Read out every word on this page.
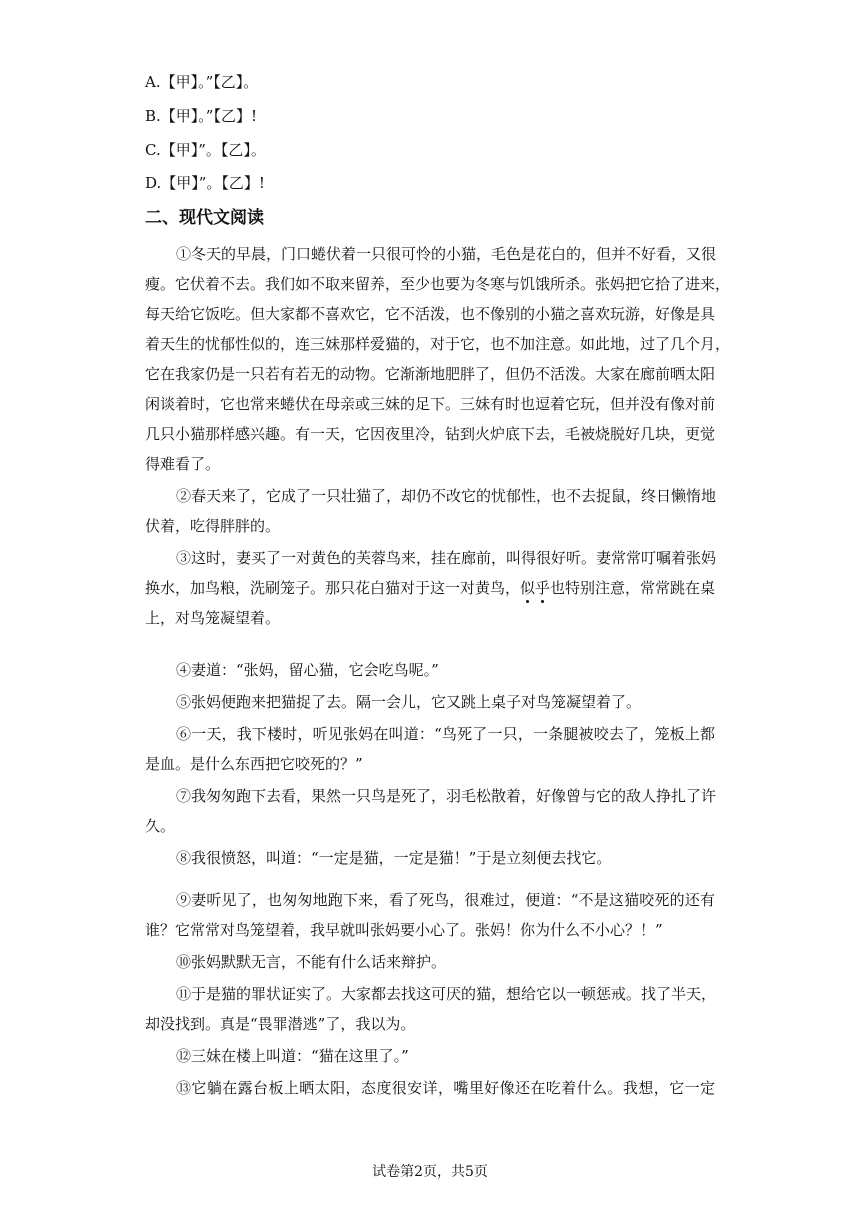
A.【甲】。”【乙】。
B.【甲】。”【乙】!
C.【甲】”。【乙】。
D.【甲】”。【乙】!
二、现代文阅读
①冬天的早晨，门口蜷伏着一只很可怜的小猫，毛色是花白的，但并不好看，又很
瘦。它伏着不去。我们如不取来留养，至少也要为冬寒与饥饿所杀。张妈把它拾了进来，
每天给它饭吃。但大家都不喜欢它，它不活泼，也不像别的小猫之喜欢玩游，好像是具
着天生的忧郁性似的，连三妹那样爱猫的，对于它，也不加注意。如此地，过了几个月，
它在我家仍是一只若有若无的动物。它渐渐地肥胖了，但仍不活泼。大家在廊前晒太阳
闲谈着时，它也常来蜷伏在母亲或三妹的足下。三妹有时也逗着它玩，但并没有像对前
几只小猫那样感兴趣。有一天，它因夜里冷，钻到火炉底下去，毛被烧脱好几块，更觉
得难看了。
②春天来了，它成了一只壮猫了，却仍不改它的忧郁性，也不去捉鼠，终日懒惰地
伏着，吃得胖胖的。
③这时，妻买了一对黄色的芙蓉鸟来，挂在廊前，叫得很好听。妻常常叮嘱着张妈
换水，加鸟粮，洗刷笼子。那只花白猫对于这一对黄鸟，似乎也特别注意，常常跳在桌
上，对鸟笼凝望着。
④妻道：“张妈，留心猫，它会吃鸟呢。”
⑤张妈便跑来把猫捉了去。隔一会儿，它又跳上桌子对鸟笼凝望着了。
⑥一天，我下楼时，听见张妈在叫道：“鸟死了一只，一条腿被咬去了，笼板上都
是血。是什么东西把它咬死的？”
⑦我匆匆跑下去看，果然一只鸟是死了，羽毛松散着，好像曾与它的敌人挣扎了许
久。
⑧我很愤怒，叫道：“一定是猫，一定是猫！”于是立刻便去找它。
⑨妻听见了，也匆匆地跑下来，看了死鸟，很难过，便道：“不是这猫咬死的还有
谁？它常常对鸟笼望着，我早就叫张妈要小心了。张妈！你为什么不小心？！”
⑩张妈默默无言，不能有什么话来辩护。
⑪于是猫的罪状证实了。大家都去找这可厌的猫，想给它以一顿惩戒。找了半天，
却没找到。真是“畏罪潜逃”了，我以为。
⑫三妹在楼上叫道：“猫在这里了。”
⑬它躺在露台板上晒太阳，态度很安详，嘴里好像还在吃着什么。我想，它一定
试卷第2页，共5页
